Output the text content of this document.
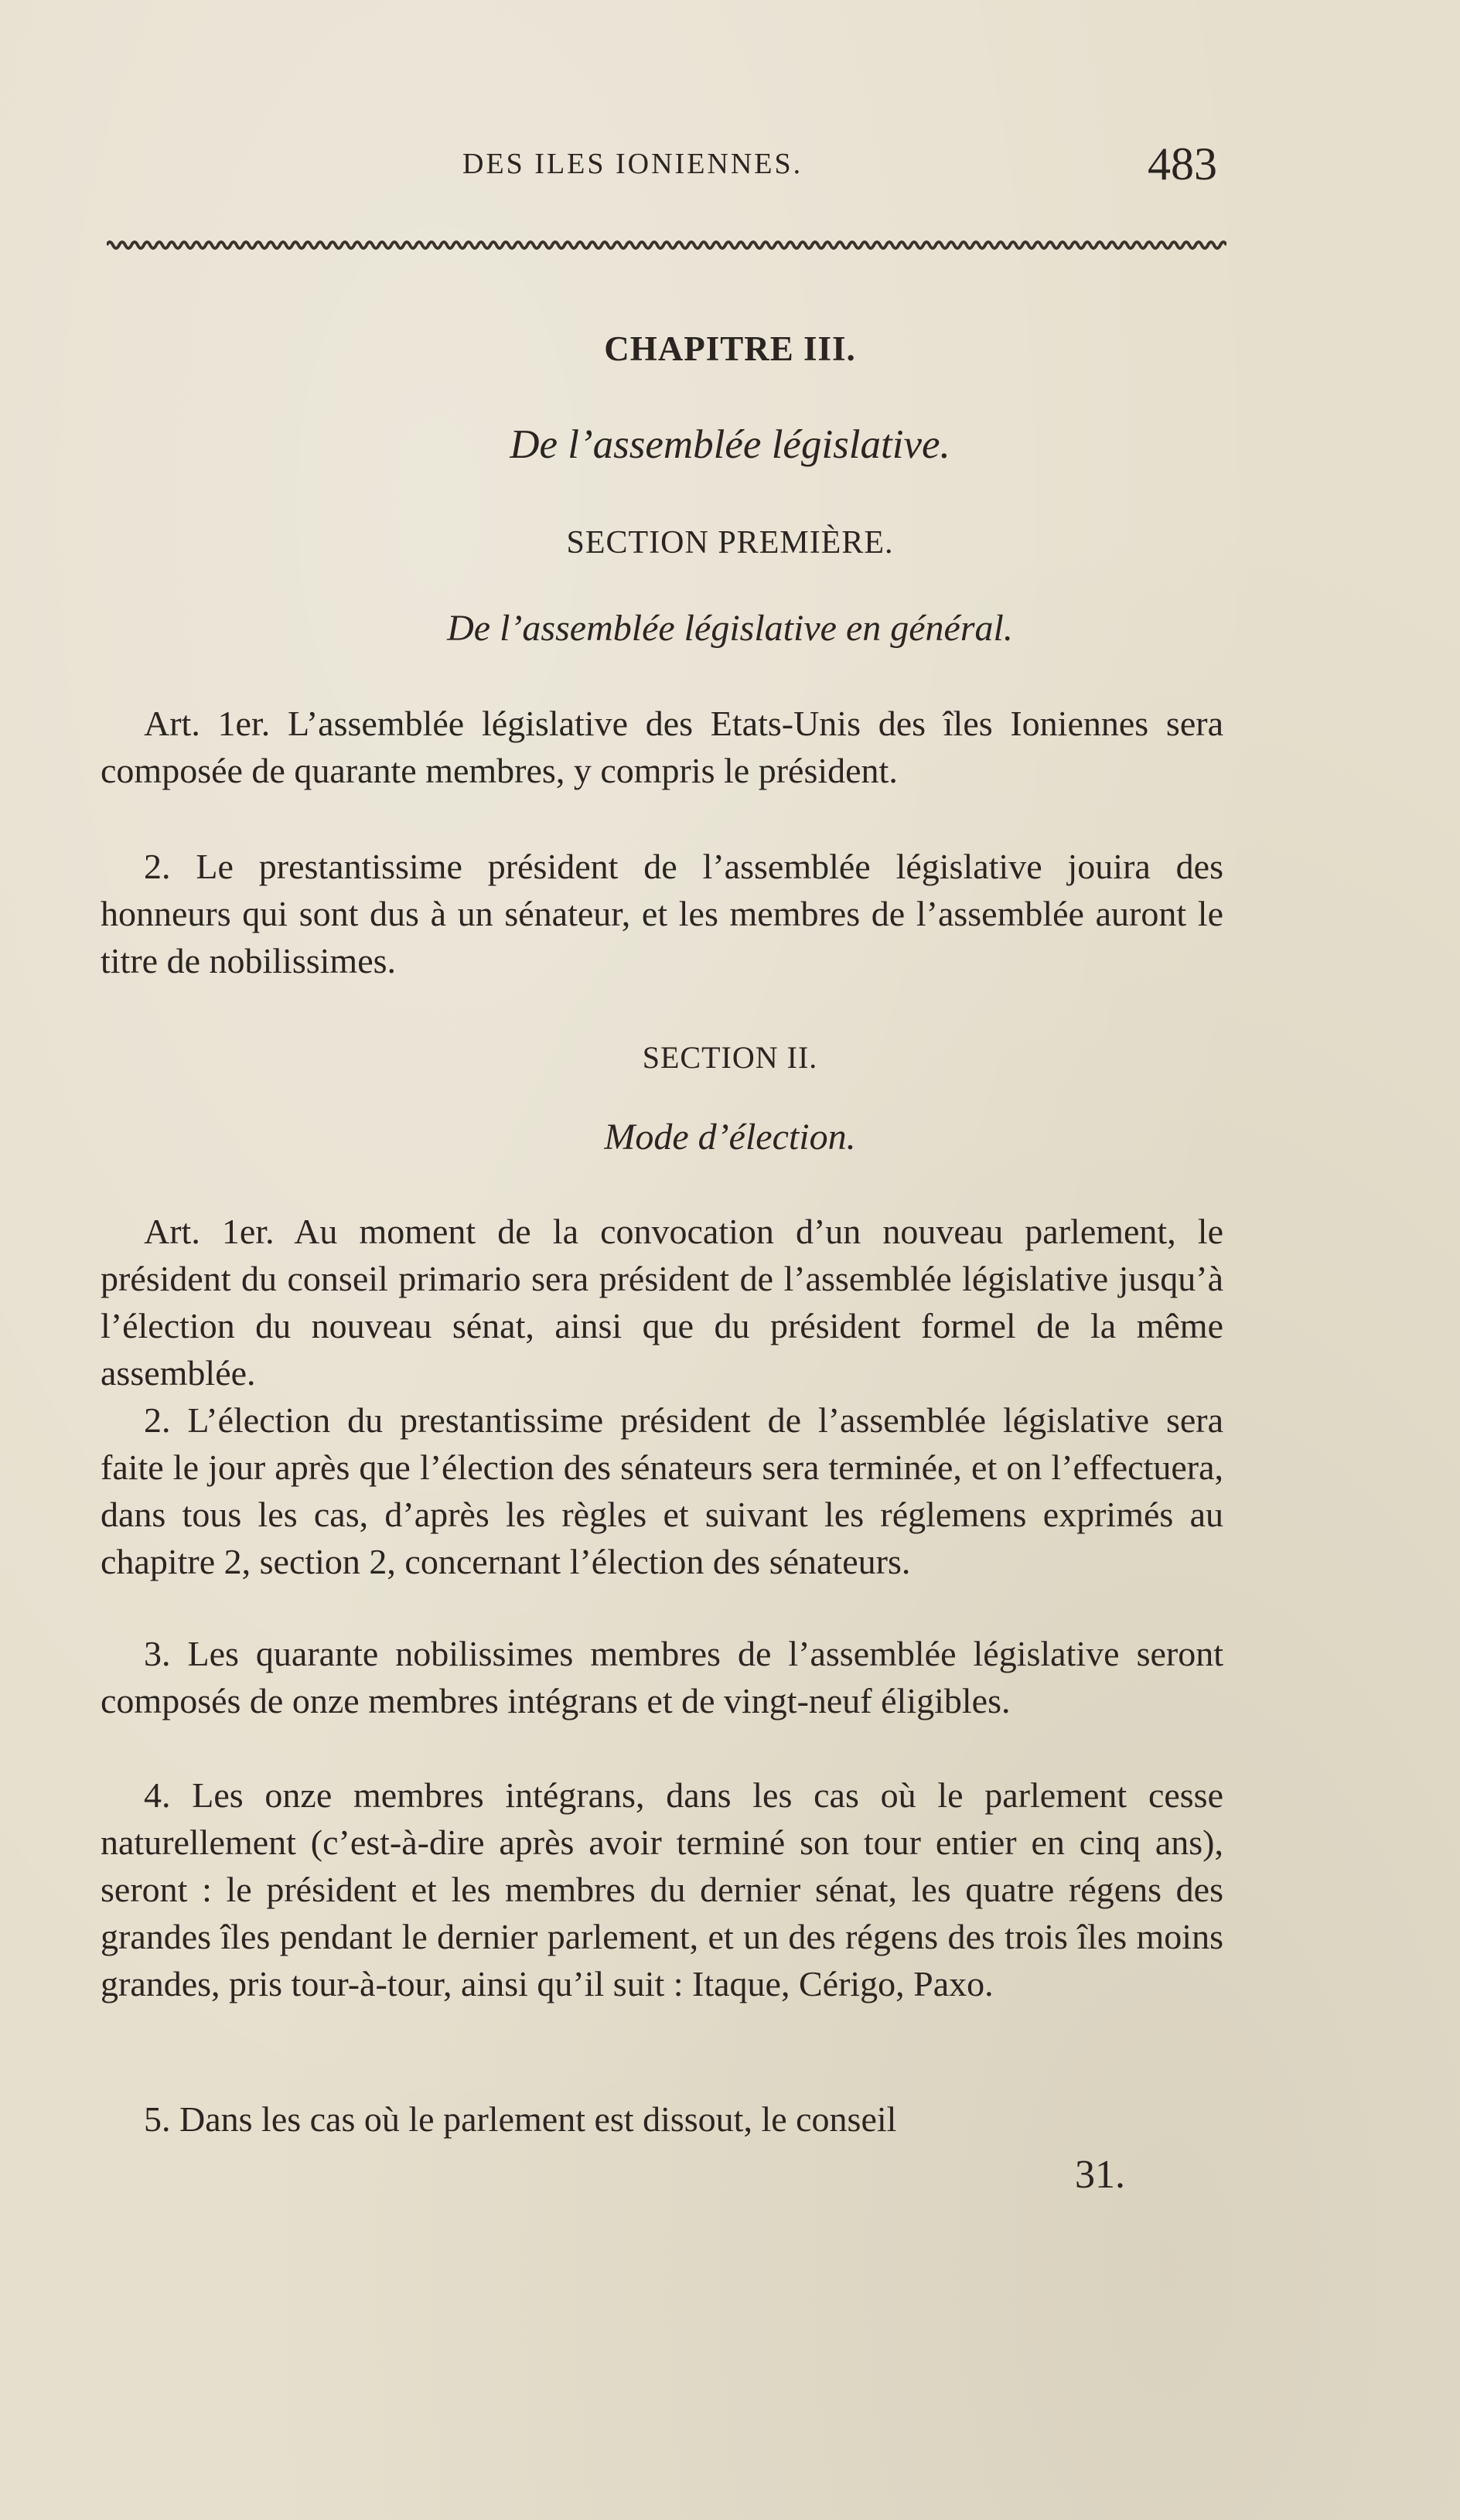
DES ILES IONIENNES.	483
CHAPITRE III.
De l’assemblée législative.
SECTION PREMIÈRE.
De l’assemblée législative en général.

Art. 1er. L’assemblée législative des Etats-Unis des îles Ioniennes sera composée de quarante membres, y compris le président.

2. Le prestantissime président de l’assemblée législative jouira des honneurs qui sont dus à un sénateur, et les membres de l’assemblée auront le titre de nobilissimes.

SECTION II.
Mode d’élection.

Art. 1er. Au moment de la convocation d’un nouveau parlement, le président du conseil primario sera président de l’assemblée législative jusqu’à l’élection du nouveau sénat, ainsi que du président formel de la même assemblée.

2. L’élection du prestantissime président de l’assemblée législative sera faite le jour après que l’élection des sénateurs sera terminée, et on l’effectuera, dans tous les cas, d’après les règles et suivant les réglemens exprimés au chapitre 2, section 2, concernant l’élection des sénateurs.

3. Les quarante nobilissimes membres de l’assemblée législative seront composés de onze membres intégrans et de vingt-neuf éligibles.

4. Les onze membres intégrans, dans les cas où le parlement cesse naturellement (c’est-à-dire après avoir terminé son tour entier en cinq ans), seront : le président et les membres du dernier sénat, les quatre régens des grandes îles pendant le dernier parlement, et un des régens des trois îles moins grandes, pris tour-à-tour, ainsi qu’il suit : Itaque, Cérigo, Paxo.

5. Dans les cas où le parlement est dissout, le conseil

31.
